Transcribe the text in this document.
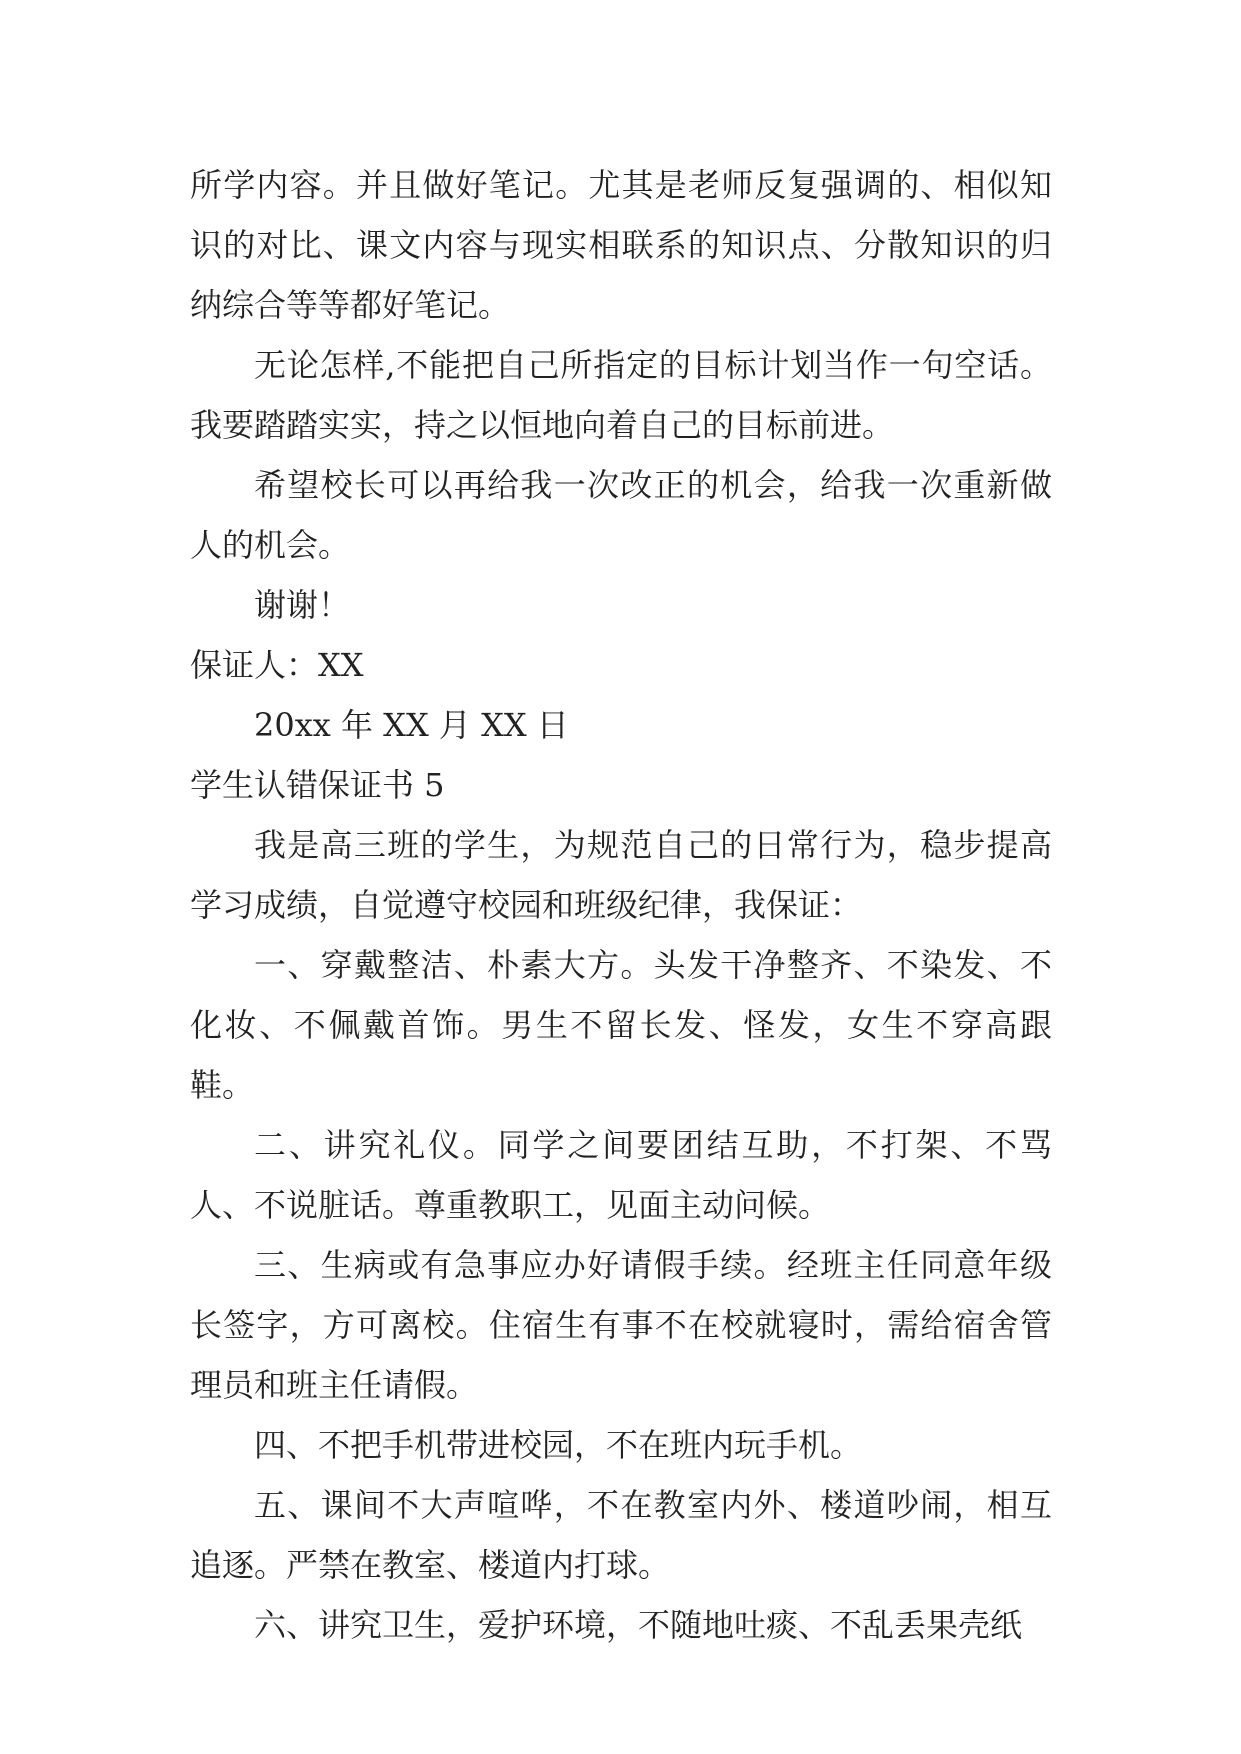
所学内容。并且做好笔记。尤其是老师反复强调的、相似知识的对比、课文内容与现实相联系的知识点、分散知识的归纳综合等等都好笔记。

无论怎样,不能把自己所指定的目标计划当作一句空话。我要踏踏实实，持之以恒地向着自己的目标前进。

希望校长可以再给我一次改正的机会，给我一次重新做人的机会。

谢谢！

保证人：XX

20xx 年 XX 月 XX 日

学生认错保证书 5

我是高三班的学生，为规范自己的日常行为，稳步提高学习成绩，自觉遵守校园和班级纪律，我保证：

一、穿戴整洁、朴素大方。头发干净整齐、不染发、不化妆、不佩戴首饰。男生不留长发、怪发，女生不穿高跟鞋。

二、讲究礼仪。同学之间要团结互助，不打架、不骂人、不说脏话。尊重教职工，见面主动问候。

三、生病或有急事应办好请假手续。经班主任同意年级长签字，方可离校。住宿生有事不在校就寝时，需给宿舍管理员和班主任请假。

四、不把手机带进校园，不在班内玩手机。

五、课间不大声喧哗，不在教室内外、楼道吵闹，相互追逐。严禁在教室、楼道内打球。

六、讲究卫生，爱护环境，不随地吐痰、不乱丢果壳纸
